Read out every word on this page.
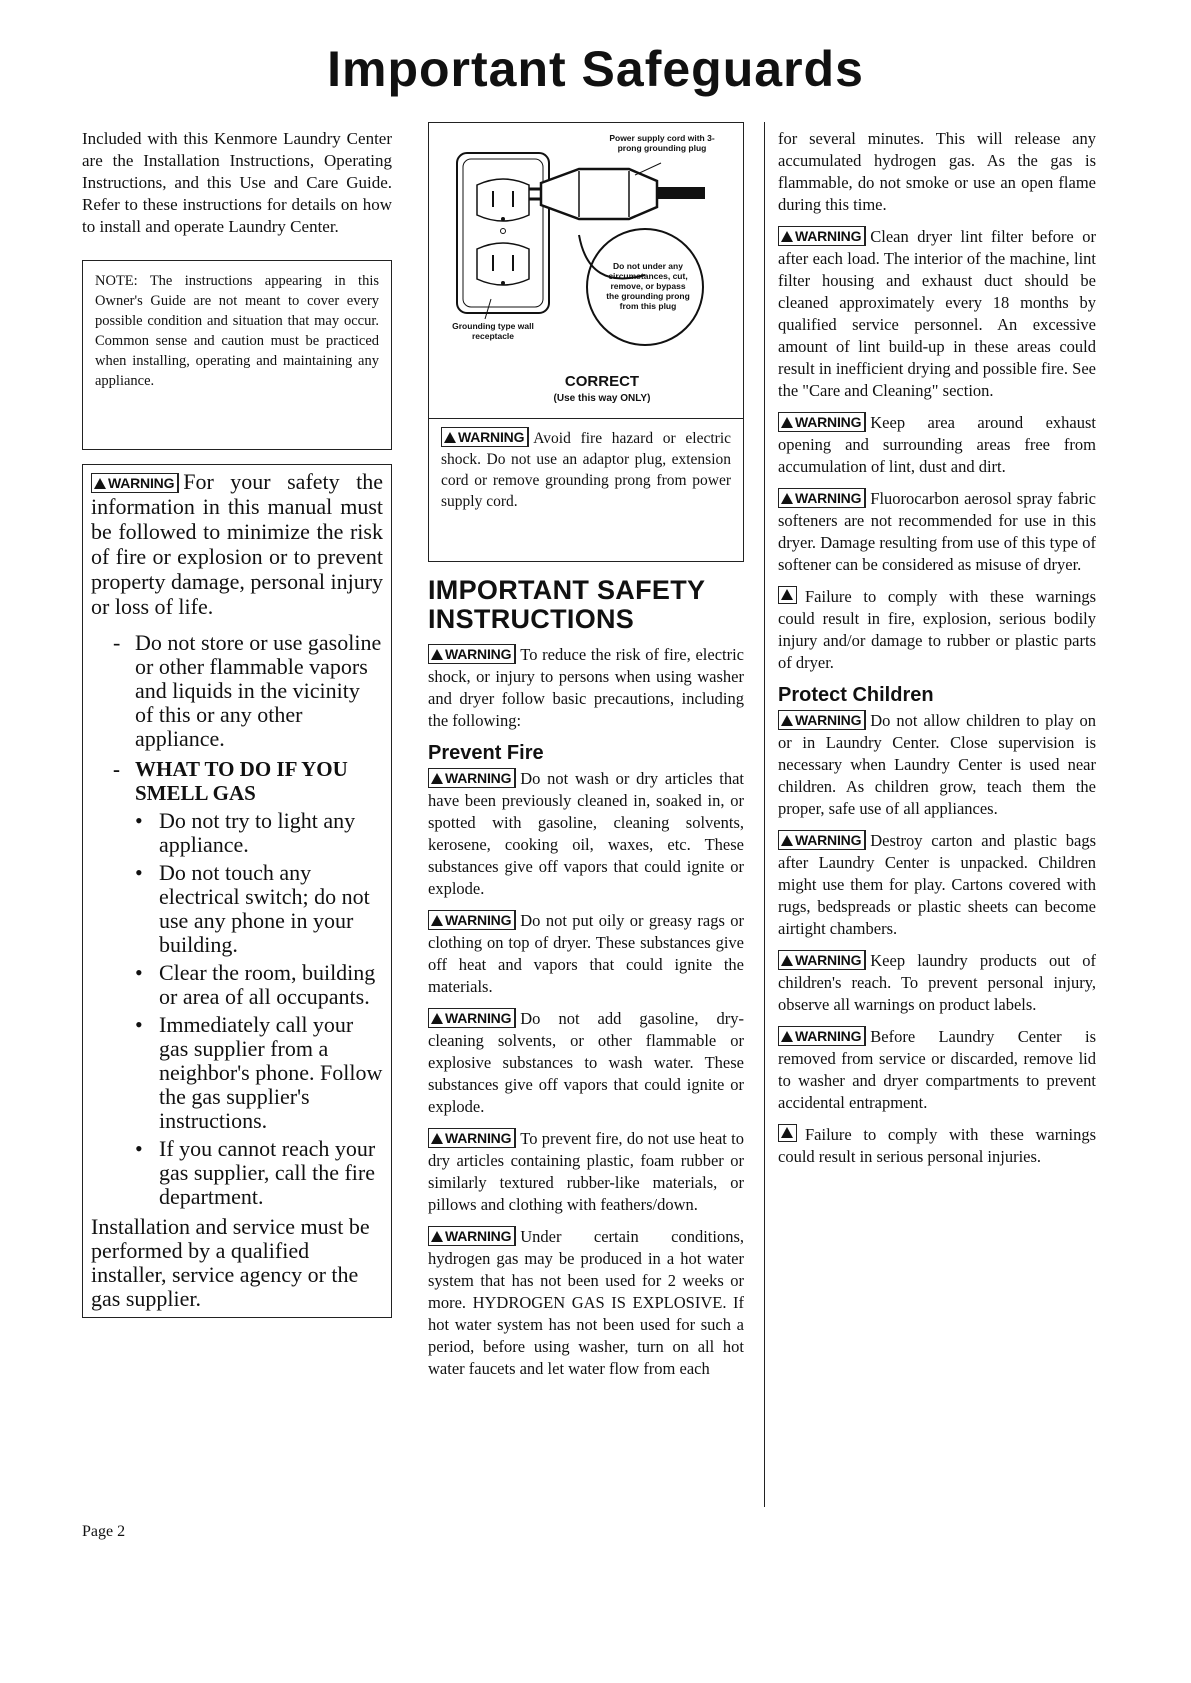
Important Safeguards

Included with this Kenmore Laundry Center are the Installation Instructions, Operating Instructions, and this Use and Care Guide. Refer to these instructions for details on how to install and operate Laundry Center.

NOTE: The instructions appearing in this Owner's Guide are not meant to cover every possible condition and situation that may occur. Common sense and caution must be practiced when installing, operating and maintaining any appliance.

WARNING For your safety the information in this manual must be followed to minimize the risk of fire or explosion or to prevent property damage, personal injury or loss of life.

- Do not store or use gasoline or other flammable vapors and liquids in the vicinity of this or any other appliance.
- WHAT TO DO IF YOU SMELL GAS
• Do not try to light any appliance.
• Do not touch any electrical switch; do not use any phone in your building.
• Clear the room, building or area of all occupants.
• Immediately call your gas supplier from a neighbor's phone. Follow the gas supplier's instructions.
• If you cannot reach your gas supplier, call the fire department.

Installation and service must be performed by a qualified installer, service agency or the gas supplier.

Power supply cord with 3-prong grounding plug
Grounding type wall receptacle
Do not under any circumstances, cut, remove, or bypass the grounding prong from this plug
CORRECT
(Use this way ONLY)

WARNING Avoid fire hazard or electric shock. Do not use an adaptor plug, extension cord or remove grounding prong from power supply cord.

IMPORTANT SAFETY INSTRUCTIONS

WARNING To reduce the risk of fire, electric shock, or injury to persons when using washer and dryer follow basic precautions, including the following:

Prevent Fire

WARNING Do not wash or dry articles that have been previously cleaned in, soaked in, or spotted with gasoline, cleaning solvents, kerosene, cooking oil, waxes, etc. These substances give off vapors that could ignite or explode.

WARNING Do not put oily or greasy rags or clothing on top of dryer. These substances give off heat and vapors that could ignite the materials.

WARNING Do not add gasoline, dry-cleaning solvents, or other flammable or explosive substances to wash water. These substances give off vapors that could ignite or explode.

WARNING To prevent fire, do not use heat to dry articles containing plastic, foam rubber or similarly textured rubber-like materials, or pillows and clothing with feathers/down.

WARNING Under certain conditions, hydrogen gas may be produced in a hot water system that has not been used for 2 weeks or more. HYDROGEN GAS IS EXPLOSIVE. If hot water system has not been used for such a period, before using washer, turn on all hot water faucets and let water flow from each

for several minutes. This will release any accumulated hydrogen gas. As the gas is flammable, do not smoke or use an open flame during this time.

WARNING Clean dryer lint filter before or after each load. The interior of the machine, lint filter housing and exhaust duct should be cleaned approximately every 18 months by qualified service personnel. An excessive amount of lint build-up in these areas could result in inefficient drying and possible fire. See the "Care and Cleaning" section.

WARNING Keep area around exhaust opening and surrounding areas free from accumulation of lint, dust and dirt.

WARNING Fluorocarbon aerosol spray fabric softeners are not recommended for use in this dryer. Damage resulting from use of this type of softener can be considered as misuse of dryer.

Failure to comply with these warnings could result in fire, explosion, serious bodily injury and/or damage to rubber or plastic parts of dryer.

Protect Children

WARNING Do not allow children to play on or in Laundry Center. Close supervision is necessary when Laundry Center is used near children. As children grow, teach them the proper, safe use of all appliances.

WARNING Destroy carton and plastic bags after Laundry Center is unpacked. Children might use them for play. Cartons covered with rugs, bedspreads or plastic sheets can become airtight chambers.

WARNING Keep laundry products out of children's reach. To prevent personal injury, observe all warnings on product labels.

WARNING Before Laundry Center is removed from service or discarded, remove lid to washer and dryer compartments to prevent accidental entrapment.

Failure to comply with these warnings could result in serious personal injuries.

Page 2
